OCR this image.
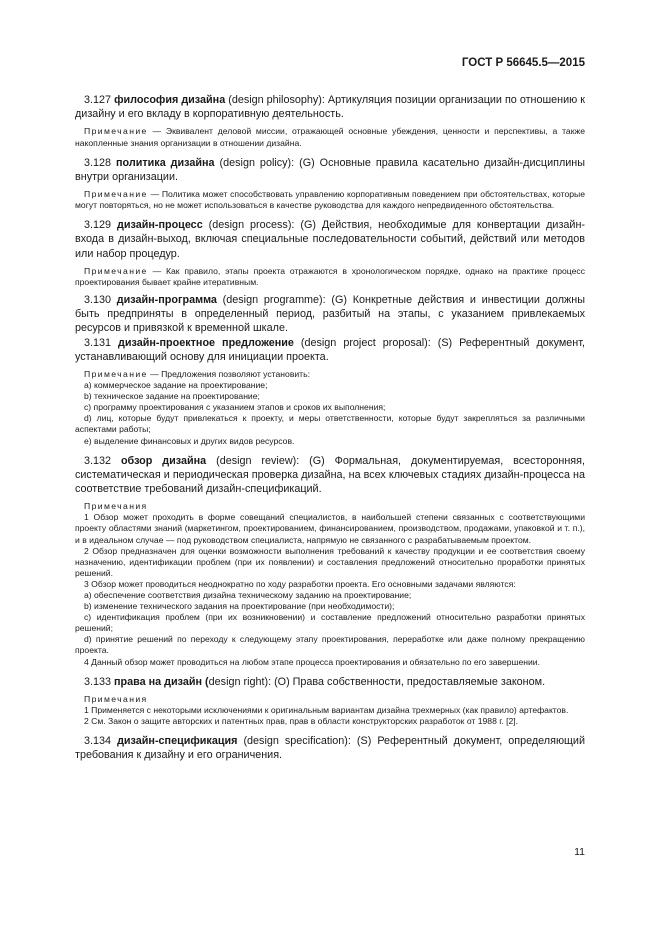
ГОСТ Р 56645.5—2015

3.127 философия дизайна (design philosophy): Артикуляция позиции организации по отношению к дизайну и его вкладу в корпоративную деятельность.

Примечание — Эквивалент деловой миссии, отражающей основные убеждения, ценности и перспективы, а также накопленные знания организации в отношении дизайна.

3.128 политика дизайна (design policy): (G) Основные правила касательно дизайн-дисциплины внутри организации.

Примечание — Политика может способствовать управлению корпоративным поведением при обстоятельствах, которые могут повторяться, но не может использоваться в качестве руководства для каждого непредвиденного обстоятельства.

3.129 дизайн-процесс (design process): (G) Действия, необходимые для конвертации дизайн-входа в дизайн-выход, включая специальные последовательности событий, действий или методов или набор процедур.

Примечание — Как правило, этапы проекта отражаются в хронологическом порядке, однако на практике процесс проектирования бывает крайне итеративным.

3.130 дизайн-программа (design programme): (G) Конкретные действия и инвестиции должны быть предприняты в определенный период, разбитый на этапы, с указанием привлекаемых ресурсов и привязкой к временной шкале.

3.131 дизайн-проектное предложение (design project proposal): (S) Референтный документ, устанавливающий основу для инициации проекта.

Примечание — Предложения позволяют установить:

а) коммерческое задание на проектирование;

b) техническое задание на проектирование;

с) программу проектирования с указанием этапов и сроков их выполнения;

d) лиц, которые будут привлекаться к проекту, и меры ответственности, которые будут закрепляться за различными аспектами работы;

е) выделение финансовых и других видов ресурсов.

3.132 обзор дизайна (design review): (G) Формальная, документируемая, всесторонняя, систематическая и периодическая проверка дизайна, на всех ключевых стадиях дизайн-процесса на соответствие требований дизайн-спецификаций.

Примечания

1 Обзор может проходить в форме совещаний специалистов, в наибольшей степени связанных с соответствующими проекту областями знаний (маркетингом, проектированием, финансированием, производством, продажами, упаковкой и т. п.), и в идеальном случае — под руководством специалиста, напрямую не связанного с разрабатываемым проектом.

2 Обзор предназначен для оценки возможности выполнения требований к качеству продукции и ее соответствия своему назначению, идентификации проблем (при их появлении) и составления предложений относительно проработки принятых решений.

3 Обзор может проводиться неоднократно по ходу разработки проекта. Его основными задачами являются:

а) обеспечение соответствия дизайна техническому заданию на проектирование;

b) изменение технического задания на проектирование (при необходимости);

с) идентификация проблем (при их возникновении) и составление предложений относительно разработки принятых решений;

d) принятие решений по переходу к следующему этапу проектирования, переработке или даже полному прекращению проекта.

4 Данный обзор может проводиться на любом этапе процесса проектирования и обязательно по его завершении.

3.133 права на дизайн (design right): (О) Права собственности, предоставляемые законом.

Примечания

1 Применяется с некоторыми исключениями к оригинальным вариантам дизайна трехмерных (как правило) артефактов.

2 См. Закон о защите авторских и патентных прав, прав в области конструкторских разработок от 1988 г. [2].

3.134 дизайн-спецификация (design specification): (S) Референтный документ, определяющий требования к дизайну и его ограничения.

11
